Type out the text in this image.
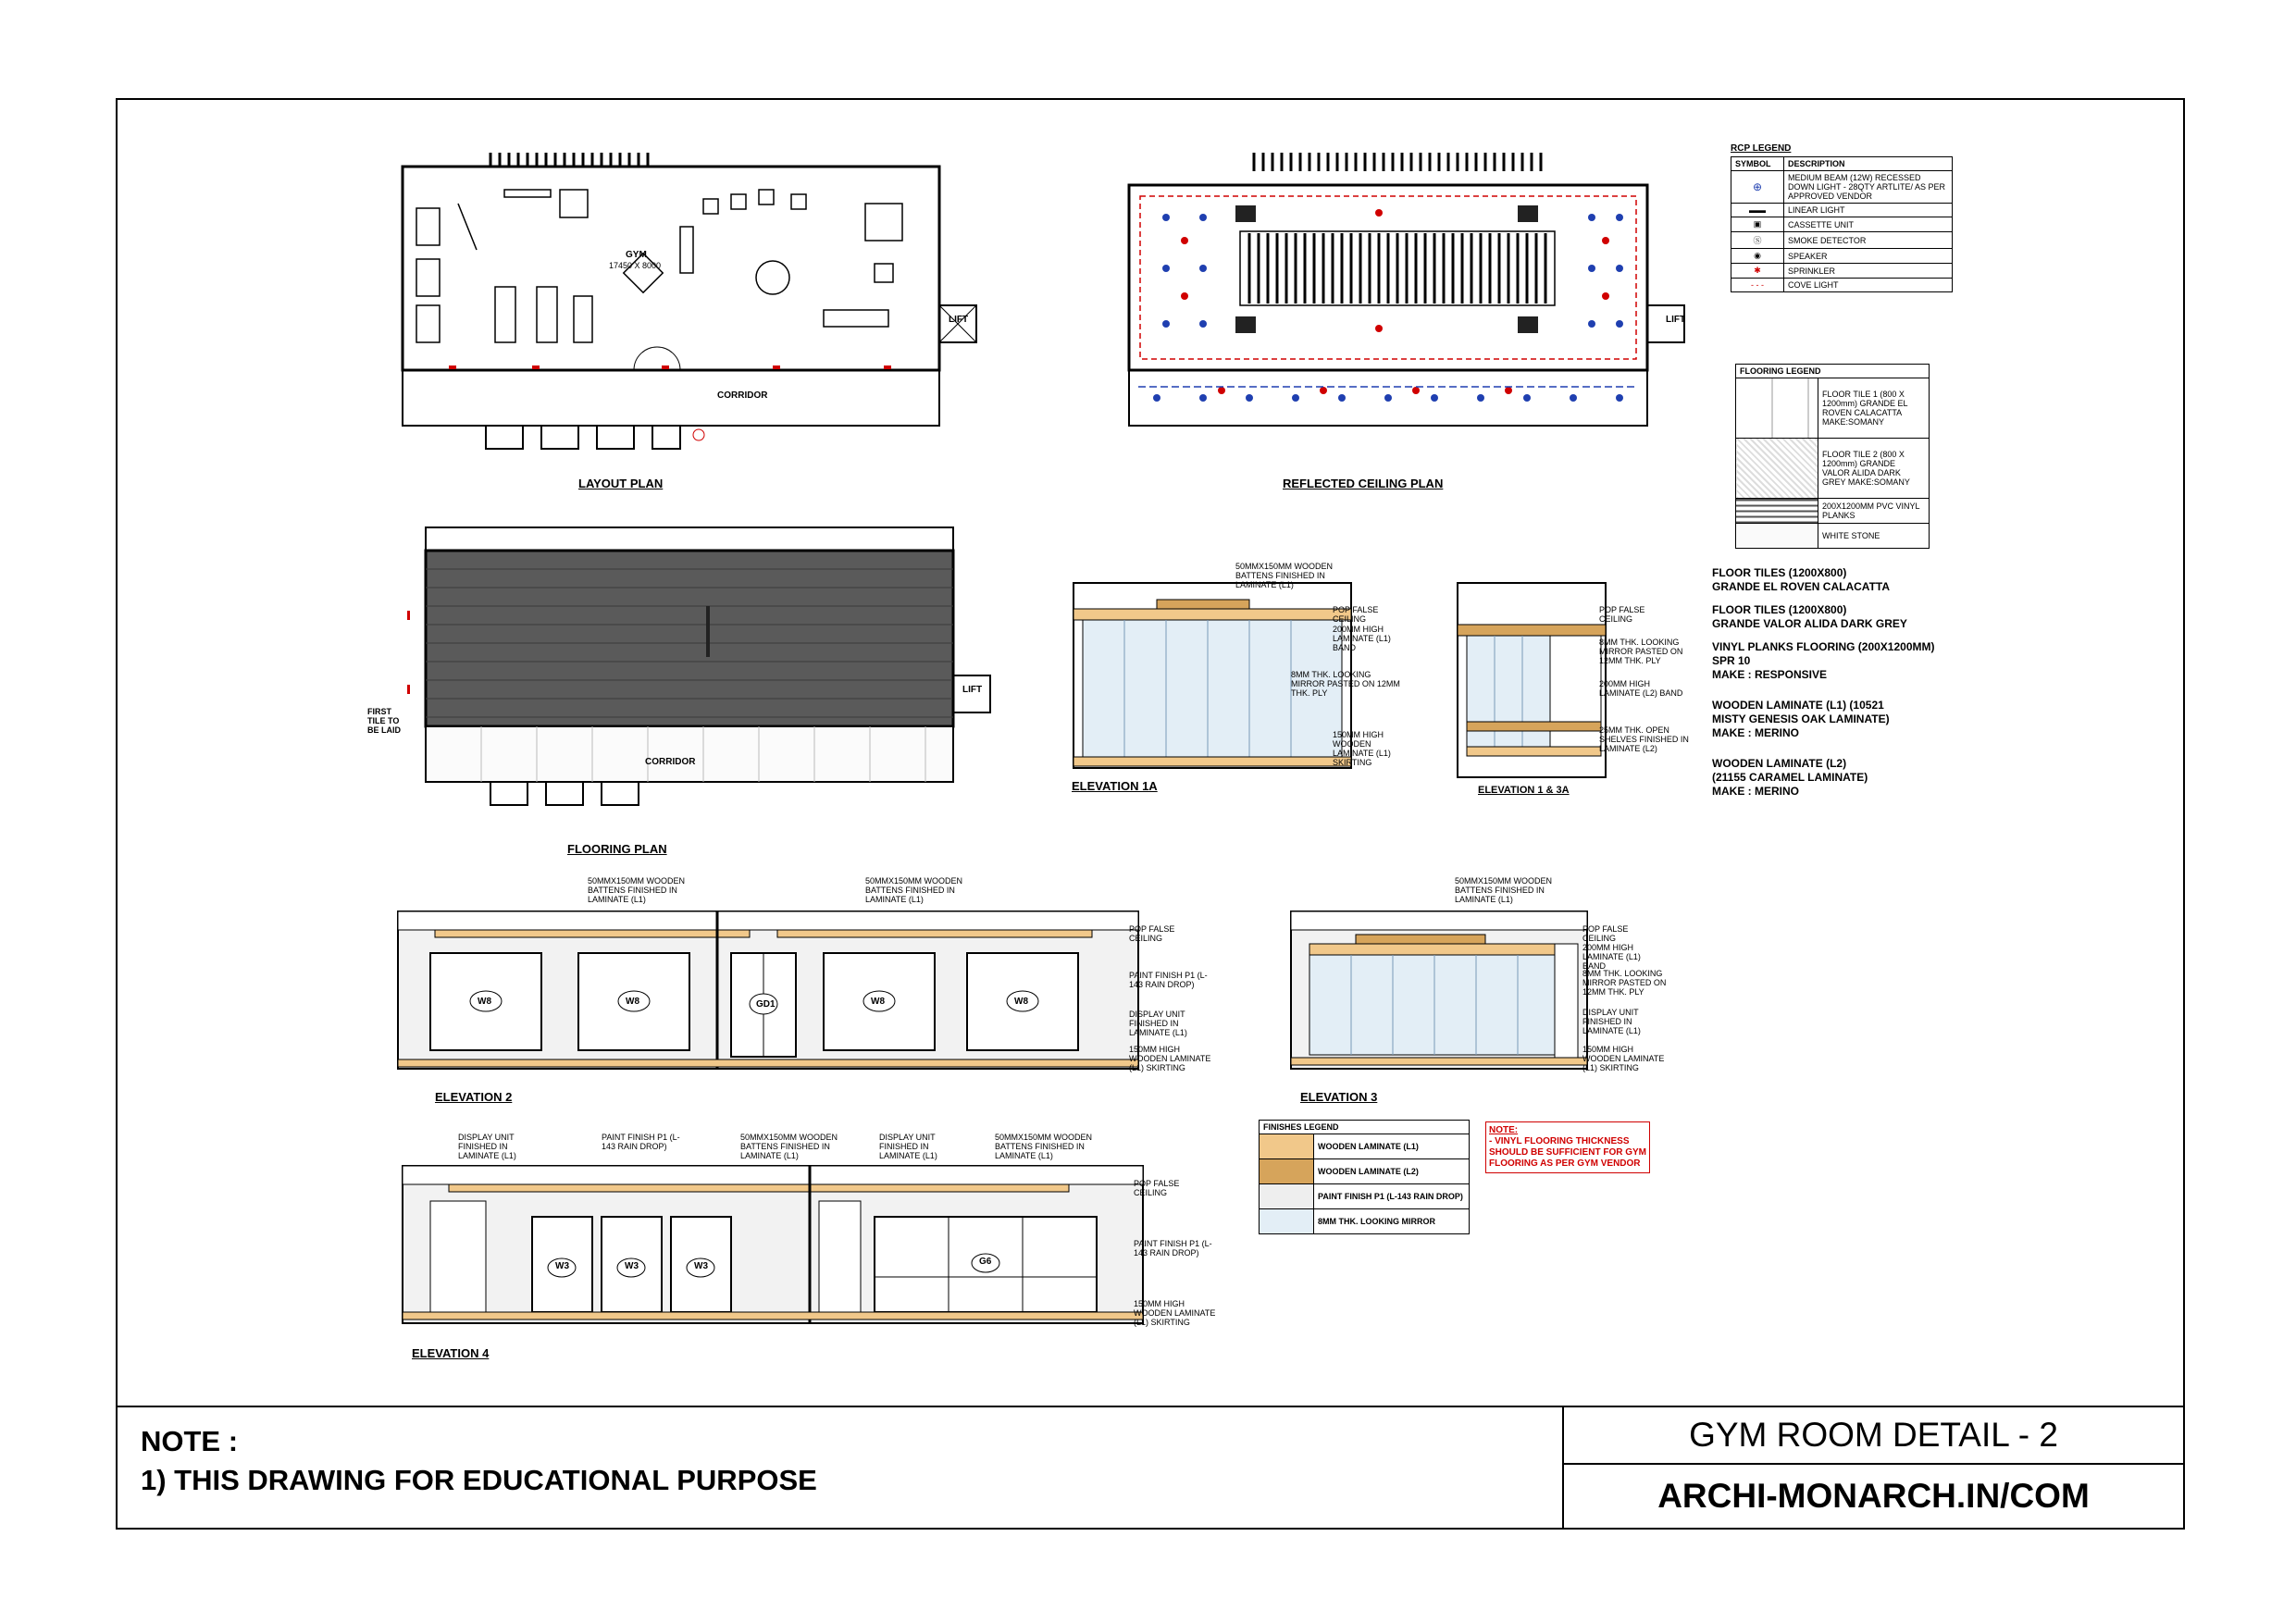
NOTE :
1) THIS DRAWING FOR EDUCATIONAL PURPOSE
GYM ROOM DETAIL - 2
ARCHI-MONARCH.IN/COM
GYM
17450 X 8000
CORRIDOR
LIFT
LAYOUT PLAN
LIFT
REFLECTED CEILING PLAN
RCP LEGEND
SYMBOL	DESCRIPTION
⊕	MEDIUM BEAM (12W) RECESSED DOWN LIGHT - 28QTY ARTLITE/ AS PER APPROVED VENDOR
▬▬	LINEAR LIGHT
▣	CASSETTE UNIT
Ⓢ	SMOKE DETECTOR
◉	SPEAKER
✱	SPRINKLER
- - -	COVE LIGHT
FLOORING LEGEND	
	FLOOR TILE 1 (800 X 1200mm) GRANDE EL ROVEN CALACATTA MAKE:SOMANY
	FLOOR TILE 2 (800 X 1200mm) GRANDE VALOR ALIDA DARK GREY MAKE:SOMANY
	200X1200MM PVC VINYL PLANKS
	WHITE STONE
FLOOR TILES (1200X800)
GRANDE EL ROVEN CALACATTA
FLOOR TILES (1200X800)
GRANDE VALOR ALIDA DARK GREY
VINYL PLANKS FLOORING (200X1200MM)
SPR 10
MAKE : RESPONSIVE
WOODEN LAMINATE (L1) (10521
MISTY GENESIS OAK LAMINATE)
MAKE : MERINO
WOODEN LAMINATE (L2)
(21155 CARAMEL LAMINATE)
MAKE : MERINO
CORRIDOR
LIFT
FIRST TILE TO BE LAID
FLOORING PLAN
50MMX150MM WOODEN BATTENS FINISHED IN LAMINATE (L1)
POP FALSE CEILING
200MM HIGH LAMINATE (L1) BAND
8MM THK. LOOKING MIRROR PASTED ON 12MM THK. PLY
150MM HIGH WOODEN LAMINATE (L1) SKIRTING
ELEVATION 1A
POP FALSE CEILING
8MM THK. LOOKING MIRROR PASTED ON 12MM THK. PLY
200MM HIGH LAMINATE (L2) BAND
25MM THK. OPEN SHELVES FINISHED IN LAMINATE (L2)
ELEVATION 1 & 3A
W8	W8	GD1	W8	W8
50MMX150MM WOODEN BATTENS FINISHED IN LAMINATE (L1)
50MMX150MM WOODEN BATTENS FINISHED IN LAMINATE (L1)
POP FALSE CEILING
PAINT FINISH P1 (L-143 RAIN DROP)
DISPLAY UNIT FINISHED IN LAMINATE (L1)
150MM HIGH WOODEN LAMINATE (L1) SKIRTING
ELEVATION 2
50MMX150MM WOODEN BATTENS FINISHED IN LAMINATE (L1)
POP FALSE CEILING
200MM HIGH LAMINATE (L1) BAND
8MM THK. LOOKING MIRROR PASTED ON 12MM THK. PLY
DISPLAY UNIT FINISHED IN LAMINATE (L1)
150MM HIGH WOODEN LAMINATE (L1) SKIRTING
ELEVATION 3
FINISHES LEGEND	
	WOODEN LAMINATE (L1)
	WOODEN LAMINATE (L2)
	PAINT FINISH P1 (L-143 RAIN DROP)
	8MM THK. LOOKING MIRROR
NOTE:
- VINYL FLOORING THICKNESS SHOULD BE SUFFICIENT FOR GYM FLOORING AS PER GYM VENDOR
W3	W3	W3	G6
DISPLAY UNIT FINISHED IN LAMINATE (L1)
PAINT FINISH P1 (L-143 RAIN DROP)
50MMX150MM WOODEN BATTENS FINISHED IN LAMINATE (L1)
DISPLAY UNIT FINISHED IN LAMINATE (L1)
50MMX150MM WOODEN BATTENS FINISHED IN LAMINATE (L1)
POP FALSE CEILING
PAINT FINISH P1 (L-143 RAIN DROP)
150MM HIGH WOODEN LAMINATE (L1) SKIRTING
ELEVATION 4
